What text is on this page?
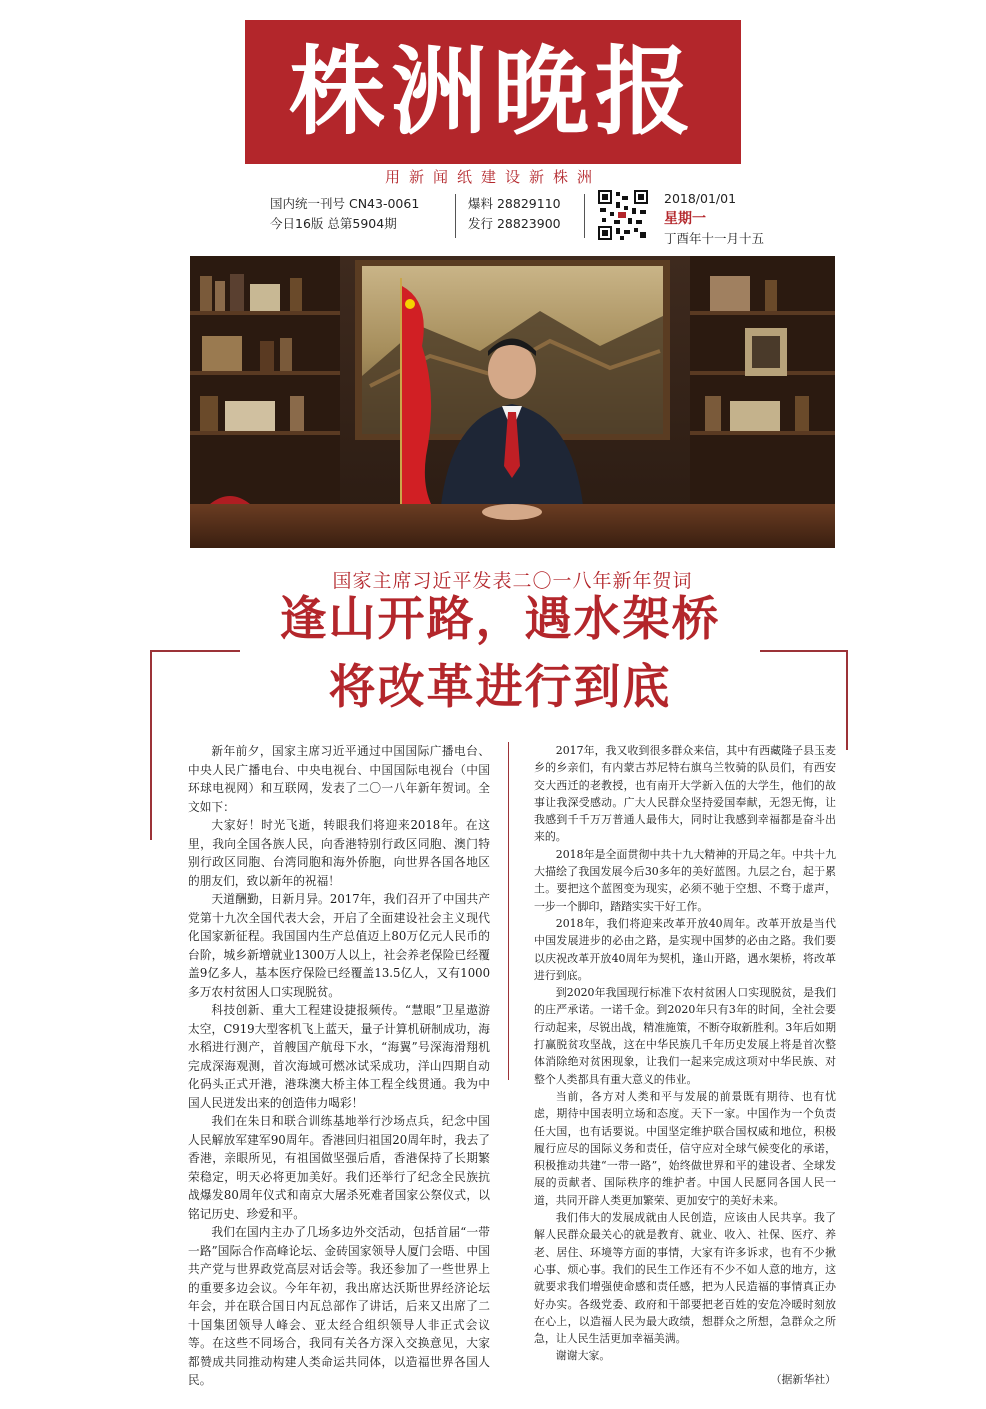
株洲晚报
用新闻纸建设新株洲
国内统一刊号 CN43-0061
今日16版 总第5904期
爆料 28829110
发行 28823900
2018/01/01
星期一
丁酉年十一月十五
国家主席习近平发表二〇一八年新年贺词
逢山开路，遇水架桥
将改革进行到底

新年前夕，国家主席习近平通过中国国际广播电台、中央人民广播电台、中央电视台、中国国际电视台（中国环球电视网）和互联网，发表了二〇一八年新年贺词。全文如下：

大家好！时光飞逝，转眼我们将迎来2018年。在这里，我向全国各族人民，向香港特别行政区同胞、澳门特别行政区同胞、台湾同胞和海外侨胞，向世界各国各地区的朋友们，致以新年的祝福！

天道酬勤，日新月异。2017年，我们召开了中国共产党第十九次全国代表大会，开启了全面建设社会主义现代化国家新征程。我国国内生产总值迈上80万亿元人民币的台阶，城乡新增就业1300万人以上，社会养老保险已经覆盖9亿多人，基本医疗保险已经覆盖13.5亿人，又有1000多万农村贫困人口实现脱贫。

科技创新、重大工程建设捷报频传。“慧眼”卫星遨游太空，C919大型客机飞上蓝天，量子计算机研制成功，海水稻进行测产，首艘国产航母下水，“海翼”号深海滑翔机完成深海观测，首次海域可燃冰试采成功，洋山四期自动化码头正式开港，港珠澳大桥主体工程全线贯通。我为中国人民迸发出来的创造伟力喝彩！

我们在朱日和联合训练基地举行沙场点兵，纪念中国人民解放军建军90周年。香港回归祖国20周年时，我去了香港，亲眼所见，有祖国做坚强后盾，香港保持了长期繁荣稳定，明天必将更加美好。我们还举行了纪念全民族抗战爆发80周年仪式和南京大屠杀死难者国家公祭仪式，以铭记历史、珍爱和平。

我们在国内主办了几场多边外交活动，包括首届“一带一路”国际合作高峰论坛、金砖国家领导人厦门会晤、中国共产党与世界政党高层对话会等。我还参加了一些世界上的重要多边会议。今年年初，我出席达沃斯世界经济论坛年会，并在联合国日内瓦总部作了讲话，后来又出席了二十国集团领导人峰会、亚太经合组织领导人非正式会议等。在这些不同场合，我同有关各方深入交换意见，大家都赞成共同推动构建人类命运共同体，以造福世界各国人民。

2017年，我又收到很多群众来信，其中有西藏隆子县玉麦乡的乡亲们，有内蒙古苏尼特右旗乌兰牧骑的队员们，有西安交大西迁的老教授，也有南开大学新入伍的大学生，他们的故事让我深受感动。广大人民群众坚持爱国奉献，无怨无悔，让我感到千千万万普通人最伟大，同时让我感到幸福都是奋斗出来的。

2018年是全面贯彻中共十九大精神的开局之年。中共十九大描绘了我国发展今后30多年的美好蓝图。九层之台，起于累土。要把这个蓝图变为现实，必须不驰于空想、不骛于虚声，一步一个脚印，踏踏实实干好工作。

2018年，我们将迎来改革开放40周年。改革开放是当代中国发展进步的必由之路，是实现中国梦的必由之路。我们要以庆祝改革开放40周年为契机，逢山开路，遇水架桥，将改革进行到底。

到2020年我国现行标准下农村贫困人口实现脱贫，是我们的庄严承诺。一诺千金。到2020年只有3年的时间，全社会要行动起来，尽锐出战，精准施策，不断夺取新胜利。3年后如期打赢脱贫攻坚战，这在中华民族几千年历史发展上将是首次整体消除绝对贫困现象，让我们一起来完成这项对中华民族、对整个人类都具有重大意义的伟业。

当前，各方对人类和平与发展的前景既有期待、也有忧虑，期待中国表明立场和态度。天下一家。中国作为一个负责任大国，也有话要说。中国坚定维护联合国权威和地位，积极履行应尽的国际义务和责任，信守应对全球气候变化的承诺，积极推动共建“一带一路”，始终做世界和平的建设者、全球发展的贡献者、国际秩序的维护者。中国人民愿同各国人民一道，共同开辟人类更加繁荣、更加安宁的美好未来。

我们伟大的发展成就由人民创造，应该由人民共享。我了解人民群众最关心的就是教育、就业、收入、社保、医疗、养老、居住、环境等方面的事情，大家有许多诉求，也有不少揪心事、烦心事。我们的民生工作还有不少不如人意的地方，这就要求我们增强使命感和责任感，把为人民造福的事情真正办好办实。各级党委、政府和干部要把老百姓的安危冷暖时刻放在心上，以造福人民为最大政绩，想群众之所想，急群众之所急，让人民生活更加幸福美满。

谢谢大家。

（据新华社）
